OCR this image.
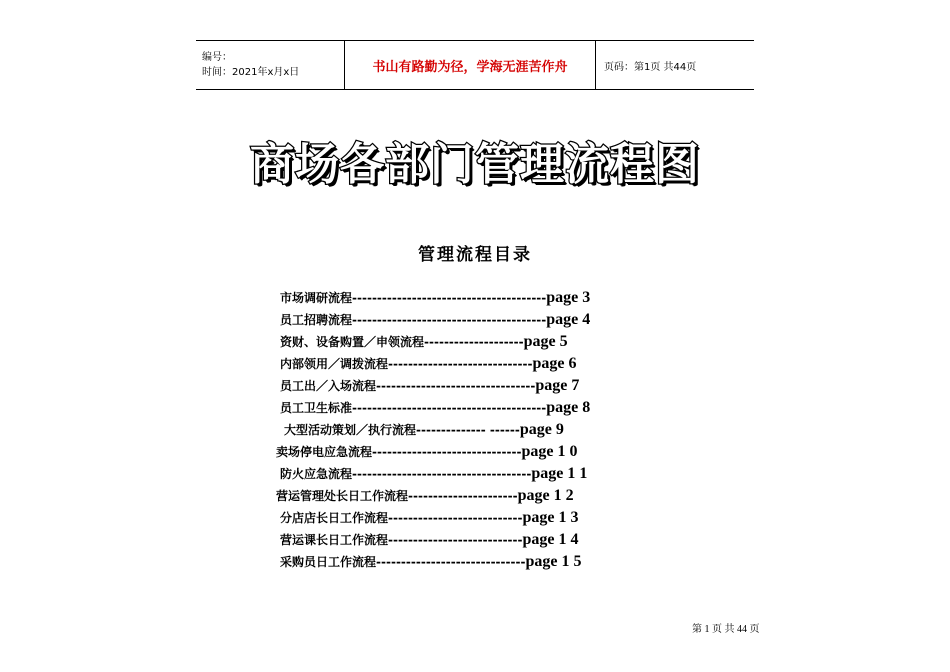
编号：
时间：2021年x月x日	书山有路勤为径，学海无涯苦作舟	页码：第1页 共44页
商场各部门管理流程图
管理流程目录
市场调研流程 --------------------------------------- page 3
员工招聘流程 --------------------------------------- page 4
资财、设备购置／申领流程 -------------------- page 5
内部领用／调拨流程 ----------------------------- page 6
员工出／入场流程 -------------------------------- page 7
员工卫生标准 --------------------------------------- page 8
大型活动策划／执行流程 -------------- ------ page 9
卖场停电应急流程 ------------------------------ page 1 0
防火应急流程 ------------------------------------ page 1 1
营运管理处长日工作流程 ---------------------- page 1 2
分店店长日工作流程 --------------------------- page 1 3
营运课长日工作流程 --------------------------- page 1 4
采购员日工作流程 ------------------------------ page 1 5
第 1 页 共 44 页
